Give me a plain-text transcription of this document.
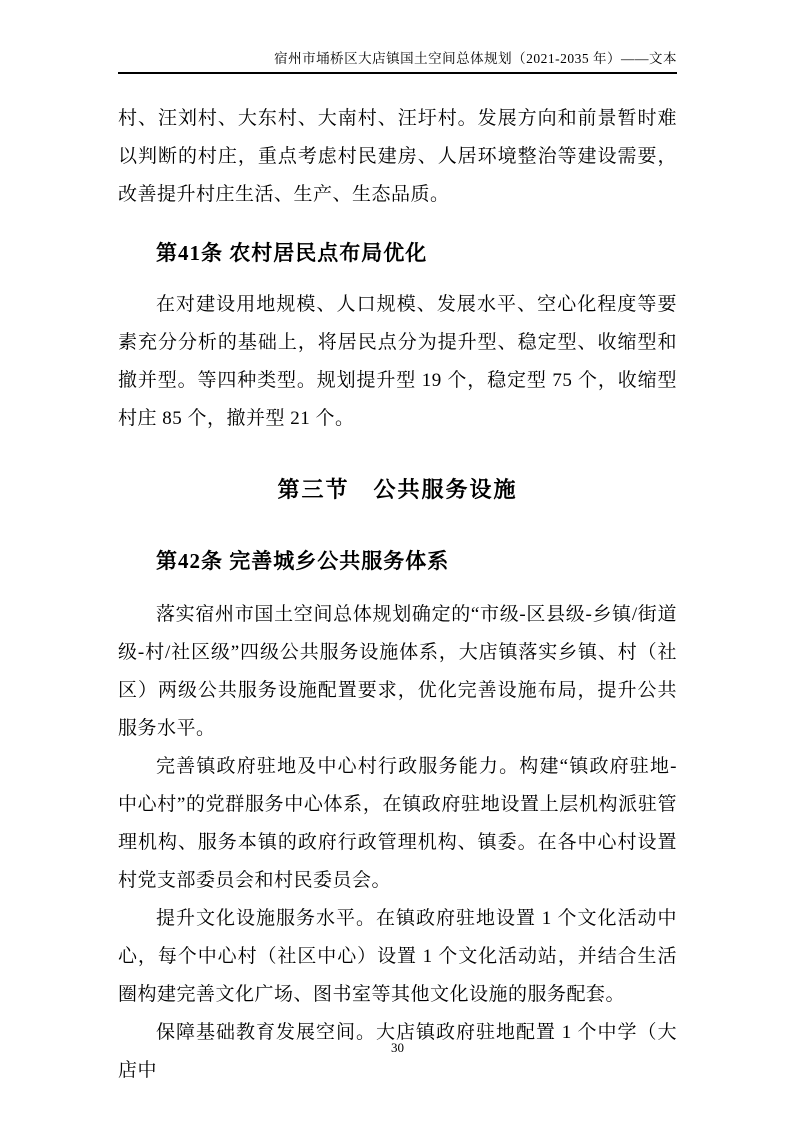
宿州市埇桥区大店镇国土空间总体规划（2021-2035 年）——文本

村、汪刘村、大东村、大南村、汪圩村。发展方向和前景暂时难以判断的村庄，重点考虑村民建房、人居环境整治等建设需要，改善提升村庄生活、生产、生态品质。

第41条 农村居民点布局优化

在对建设用地规模、人口规模、发展水平、空心化程度等要素充分分析的基础上，将居民点分为提升型、稳定型、收缩型和撤并型。等四种类型。规划提升型 19 个，稳定型 75 个，收缩型村庄 85 个，撤并型 21 个。

第三节　公共服务设施
第42条 完善城乡公共服务体系

落实宿州市国土空间总体规划确定的“市级-区县级-乡镇/街道级-村/社区级”四级公共服务设施体系，大店镇落实乡镇、村（社区）两级公共服务设施配置要求，优化完善设施布局，提升公共服务水平。

完善镇政府驻地及中心村行政服务能力。构建“镇政府驻地-中心村”的党群服务中心体系，在镇政府驻地设置上层机构派驻管理机构、服务本镇的政府行政管理机构、镇委。在各中心村设置村党支部委员会和村民委员会。

提升文化设施服务水平。在镇政府驻地设置 1 个文化活动中心，每个中心村（社区中心）设置 1 个文化活动站，并结合生活圈构建完善文化广场、图书室等其他文化设施的服务配套。

保障基础教育发展空间。大店镇政府驻地配置 1 个中学（大店中

30
